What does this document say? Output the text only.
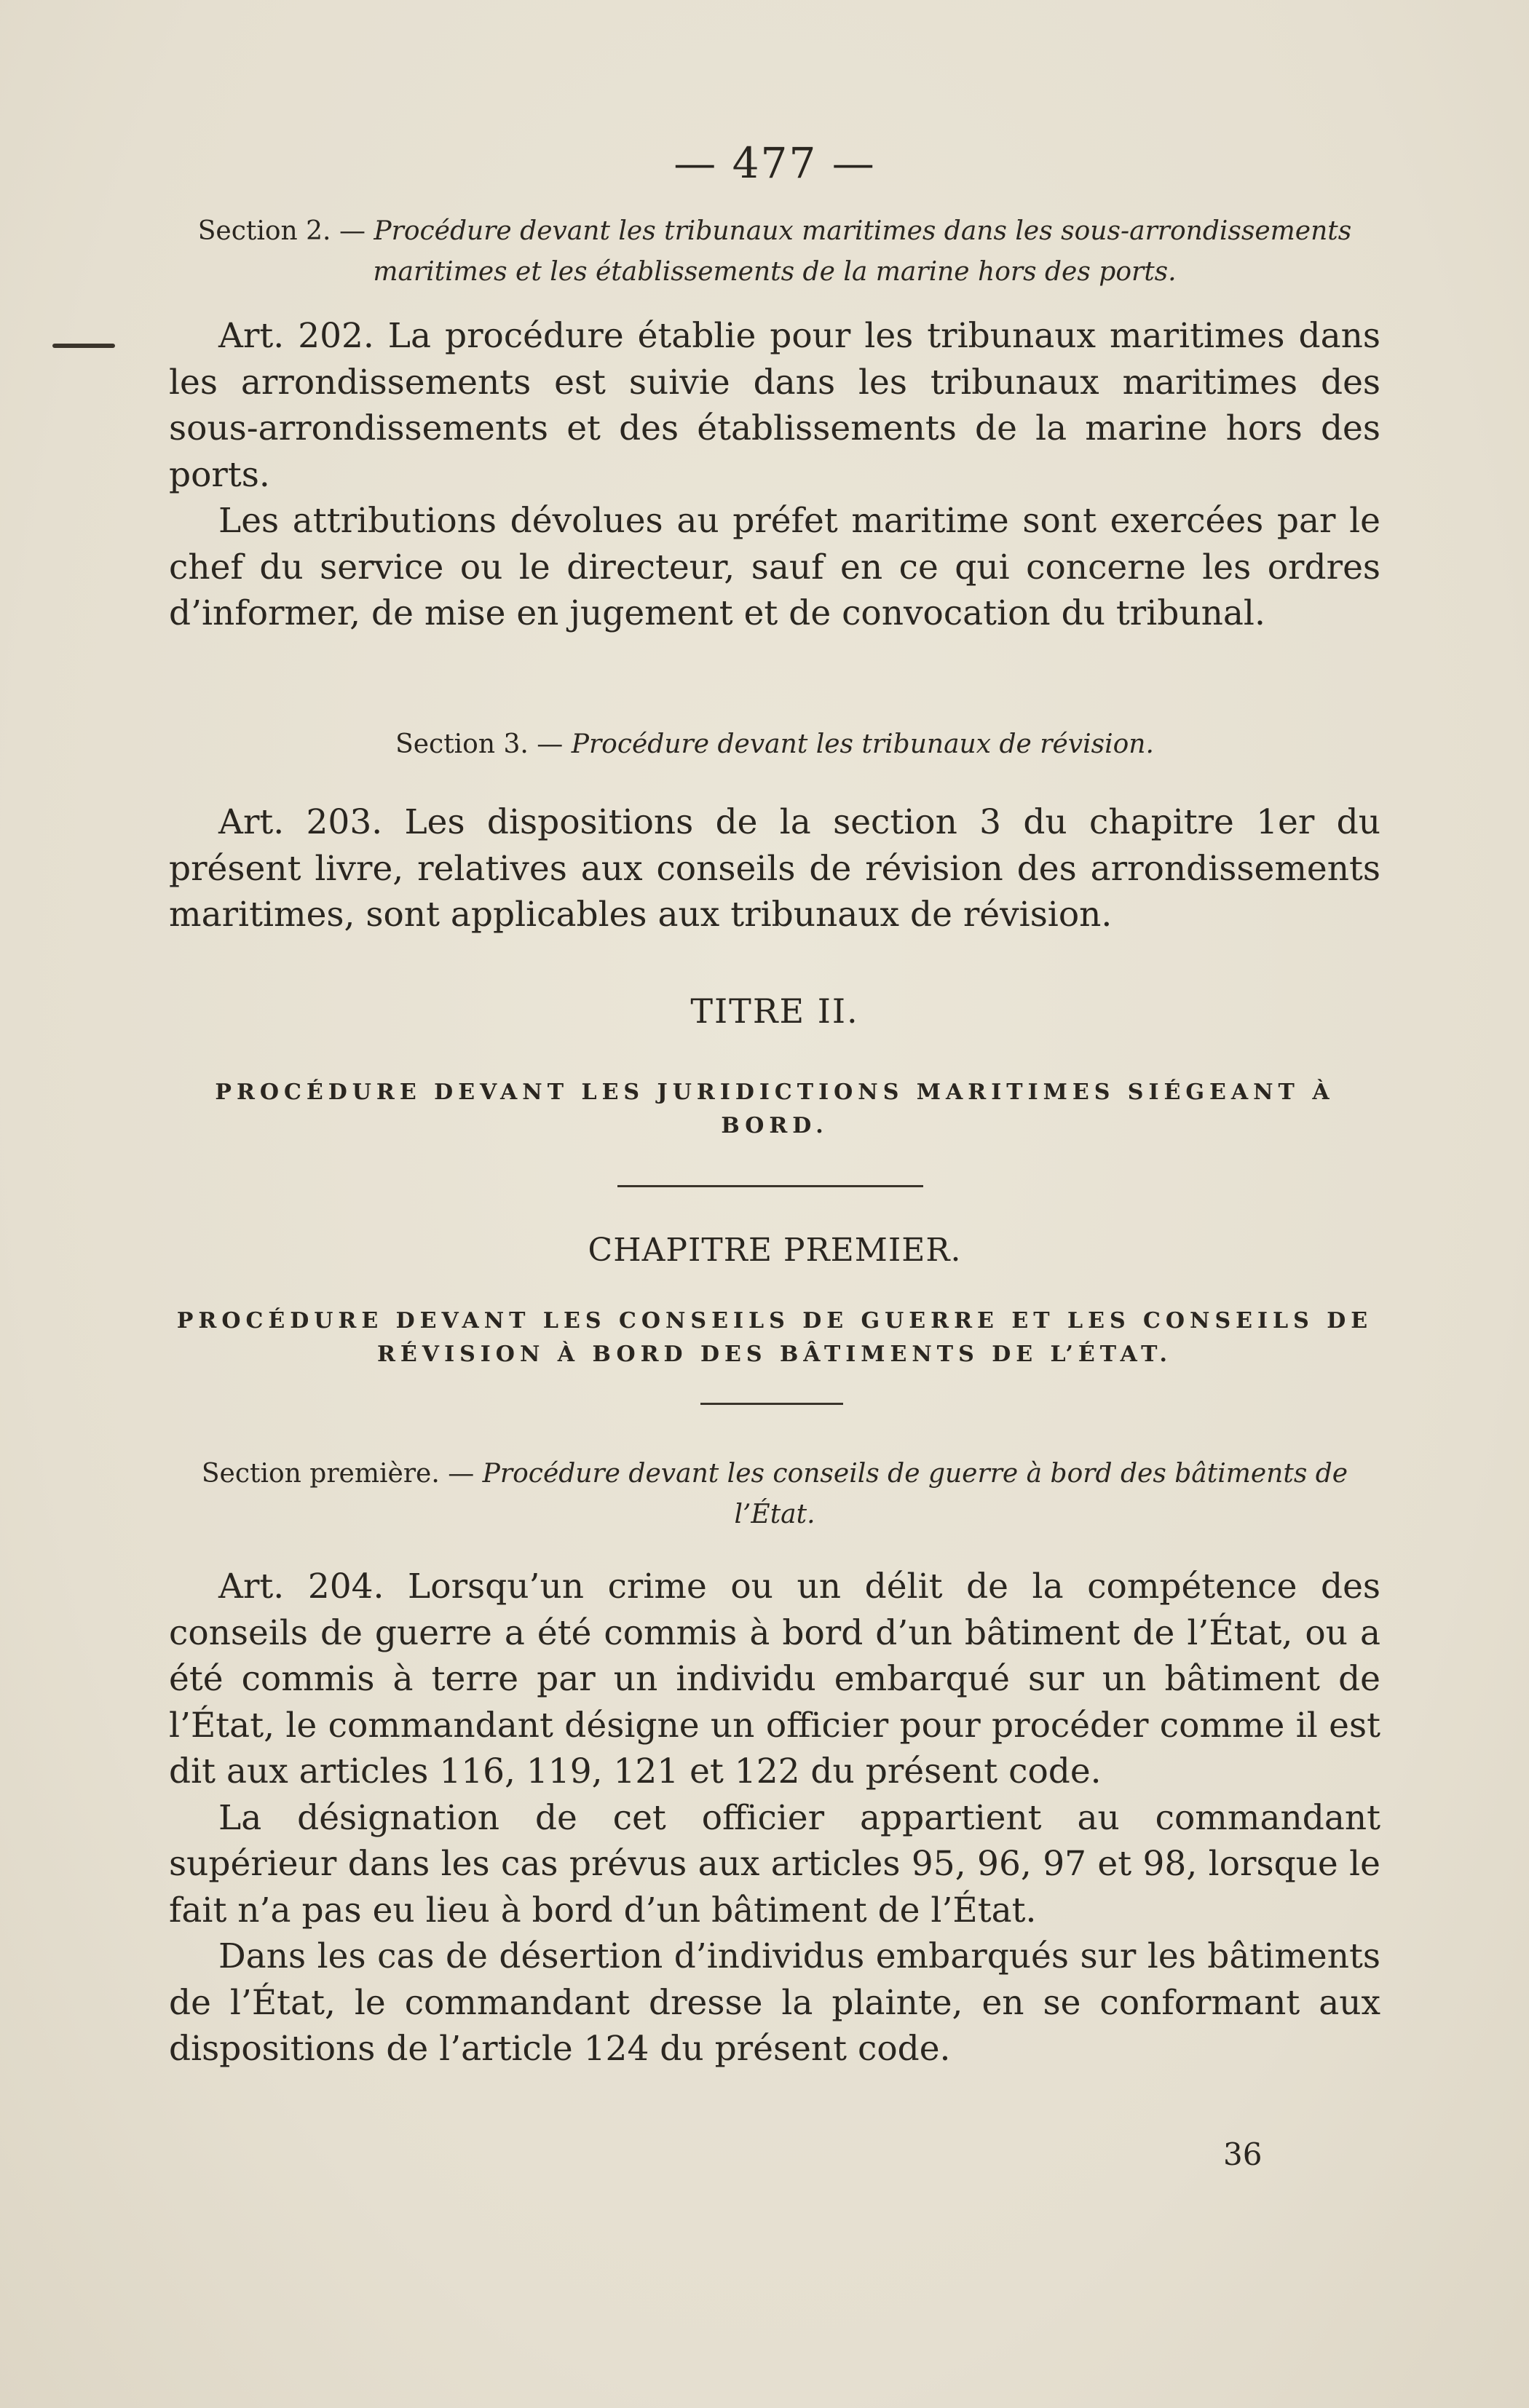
— 477 —
Section 2. — Procédure devant les tribunaux maritimes dans les sous-arrondissements maritimes et les établissements de la marine hors des ports.

Art. 202. La procédure établie pour les tribunaux maritimes dans les arrondissements est suivie dans les tribunaux maritimes des sous-arrondissements et des établissements de la marine hors des ports.

Les attributions dévolues au préfet maritime sont exercées par le chef du service ou le directeur, sauf en ce qui concerne les ordres d’informer, de mise en jugement et de convocation du tribunal.

Section 3. — Procédure devant les tribunaux de révision.

Art. 203. Les dispositions de la section 3 du chapitre 1er du présent livre, relatives aux conseils de révision des arrondissements maritimes, sont applicables aux tribunaux de révision.

TITRE II.
PROCÉDURE DEVANT LES JURIDICTIONS MARITIMES SIÉGEANT À BORD.
CHAPITRE PREMIER.
PROCÉDURE DEVANT LES CONSEILS DE GUERRE ET LES CONSEILS DE RÉVISION À BORD DES BÂTIMENTS DE L’ÉTAT.
Section première. — Procédure devant les conseils de guerre à bord des bâtiments de l’État.

Art. 204. Lorsqu’un crime ou un délit de la compétence des conseils de guerre a été commis à bord d’un bâtiment de l’État, ou a été commis à terre par un individu embarqué sur un bâtiment de l’État, le commandant désigne un officier pour procéder comme il est dit aux articles 116, 119, 121 et 122 du présent code.

La désignation de cet officier appartient au commandant supérieur dans les cas prévus aux articles 95, 96, 97 et 98, lorsque le fait n’a pas eu lieu à bord d’un bâtiment de l’État.

Dans les cas de désertion d’individus embarqués sur les bâtiments de l’État, le commandant dresse la plainte, en se conformant aux dispositions de l’article 124 du présent code.

36
